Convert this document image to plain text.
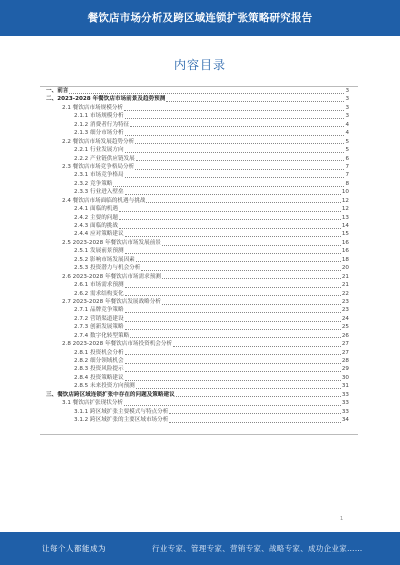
餐饮店市场分析及跨区域连锁扩张策略研究报告
内容目录
一、前言	3
二、2023-2028 年餐饮店市场前景及趋势预测	3
2.1 餐饮店市场规模分析	3
2.1.1 市场规模分析	3
2.1.2 消费者行为特征	4
2.1.3 细分市场分析	4
2.2 餐饮店市场发展趋势分析	5
2.2.1 行业发展方向	5
2.2.2 产业链供应链发展	6
2.3 餐饮店市场竞争格局分析	7
2.3.1 市场竞争格局	7
2.3.2 竞争策略	8
2.3.3 行业进入壁垒	10
2.4 餐饮店市场面临的机遇与挑战	12
2.4.1 面临的机遇	12
2.4.2 主要的问题	13
2.4.3 面临的挑战	14
2.4.4 应对策略建议	15
2.5 2023-2028 年餐饮店市场发展前景	16
2.5.1 发展前景预测	16
2.5.2 影响市场发展因素	18
2.5.3 投资潜力与机会分析	20
2.6 2023-2028 年餐饮店市场需求预测	21
2.6.1 市场需求预测	21
2.6.2 需求结构变化	22
2.7 2023-2028 年餐饮店发展战略分析	23
2.7.1 品牌竞争策略	23
2.7.2 营销渠道建设	24
2.7.3 创新发展策略	25
2.7.4 数字化转型策略	26
2.8 2023-2028 年餐饮店市场投资机会分析	27
2.8.1 投资机会分析	27
2.8.2 细分领域机会	28
2.8.3 投资风险提示	29
2.8.4 投资策略建议	30
2.8.5 未来投资方向预测	31
三、餐饮店跨区域连锁扩张中存在的问题及策略建议	33
3.1 餐饮店扩张现状分析	33
3.1.1 跨区域扩张主要模式与特点分析	33
3.1.2 跨区域扩张的主要区域市场分析	34
1
让每个人都能成为	行业专家、管理专家、营销专家、战略专家、成功企业家……
